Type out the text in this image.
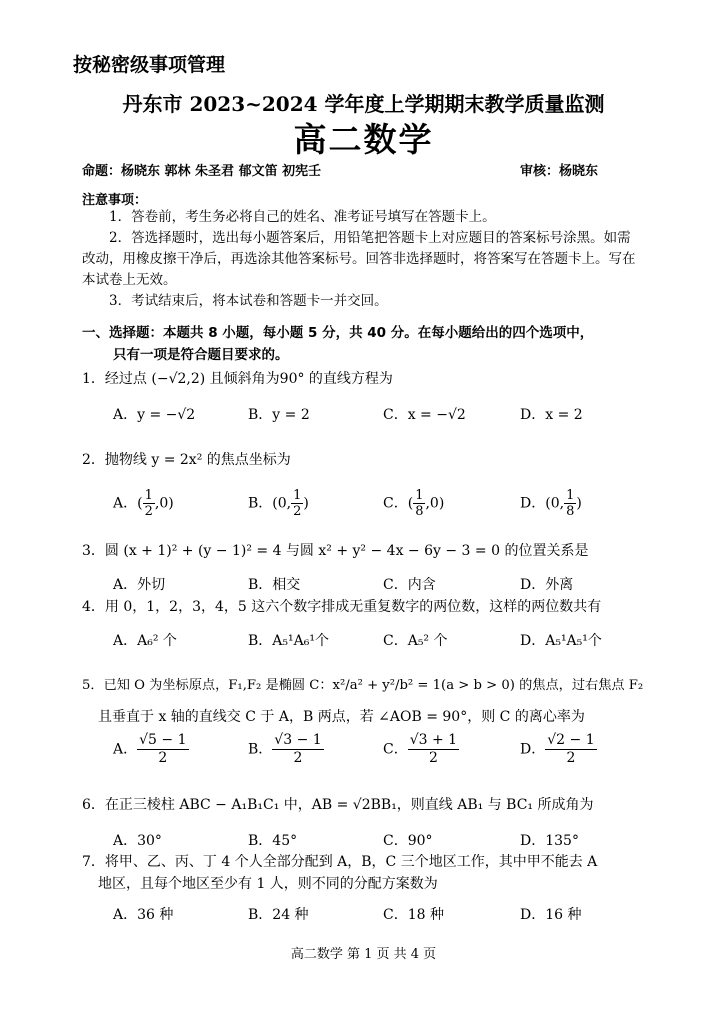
按秘密级事项管理
丹东市 2023~2024 学年度上学期期末教学质量监测
高二数学
命题：杨晓东 郭林 朱圣君 郁文笛 初宪壬	审核：杨晓东
注意事项：
1．答卷前，考生务必将自己的姓名、准考证号填写在答题卡上。
2．答选择题时，选出每小题答案后，用铅笔把答题卡上对应题目的答案标号涂黑。如需改动，用橡皮擦干净后，再选涂其他答案标号。回答非选择题时，将答案写在答题卡上。写在本试卷上无效。
3．考试结束后，将本试卷和答题卡一并交回。
一、选择题：本题共 8 小题，每小题 5 分，共 40 分。在每小题给出的四个选项中，
只有一项是符合题目要求的。
1．经过点 (−√2,2) 且倾斜角为90° 的直线方程为
A．y = −√2	B．y = 2	C．x = −√2	D．x = 2
2．抛物线 y = 2x² 的焦点坐标为
A．( $\frac{1}{2} ,0$)	B．(0, $\frac{1}{2}$ )	C．( $\frac{1}{8} ,0$)	D．(0, $\frac{1}{8}$ )
3．圆 (x + 1)² + (y − 1)² = 4 与圆 x² + y² − 4x − 6y − 3 = 0 的位置关系是
A．外切	B．相交	C．内含	D．外离
4．用 0，1，2，3，4，5 这六个数字排成无重复数字的两位数，这样的两位数共有
A．A₆² 个	B．A₅¹A₆¹个	C．A₅² 个	D．A₅¹A₅¹个
5．已知 O 为坐标原点，F₁,F₂ 是椭圆 C：x²/a² + y²/b² = 1(a > b > 0) 的焦点，过右焦点 F₂
且垂直于 x 轴的直线交 C 于 A，B 两点，若 ∠AOB = 90°，则 C 的离心率为
A． $\frac{√5 - 1}{2}$	B． $\frac{√3 - 1}{2}$	C． $\frac{√3 + 1}{2}$	D． $\frac{√2 - 1}{2}$
6．在正三棱柱 ABC − A₁B₁C₁ 中，AB = √2BB₁，则直线 AB₁ 与 BC₁ 所成角为
A．30°	B．45°	C．90°	D．135°
7．将甲、乙、丙、丁 4 个人全部分配到 A，B，C 三个地区工作，其中甲不能去 A
地区，且每个地区至少有 1 人，则不同的分配方案数为
A．36 种	B．24 种	C．18 种	D．16 种
高二数学 第 1 页 共 4 页
